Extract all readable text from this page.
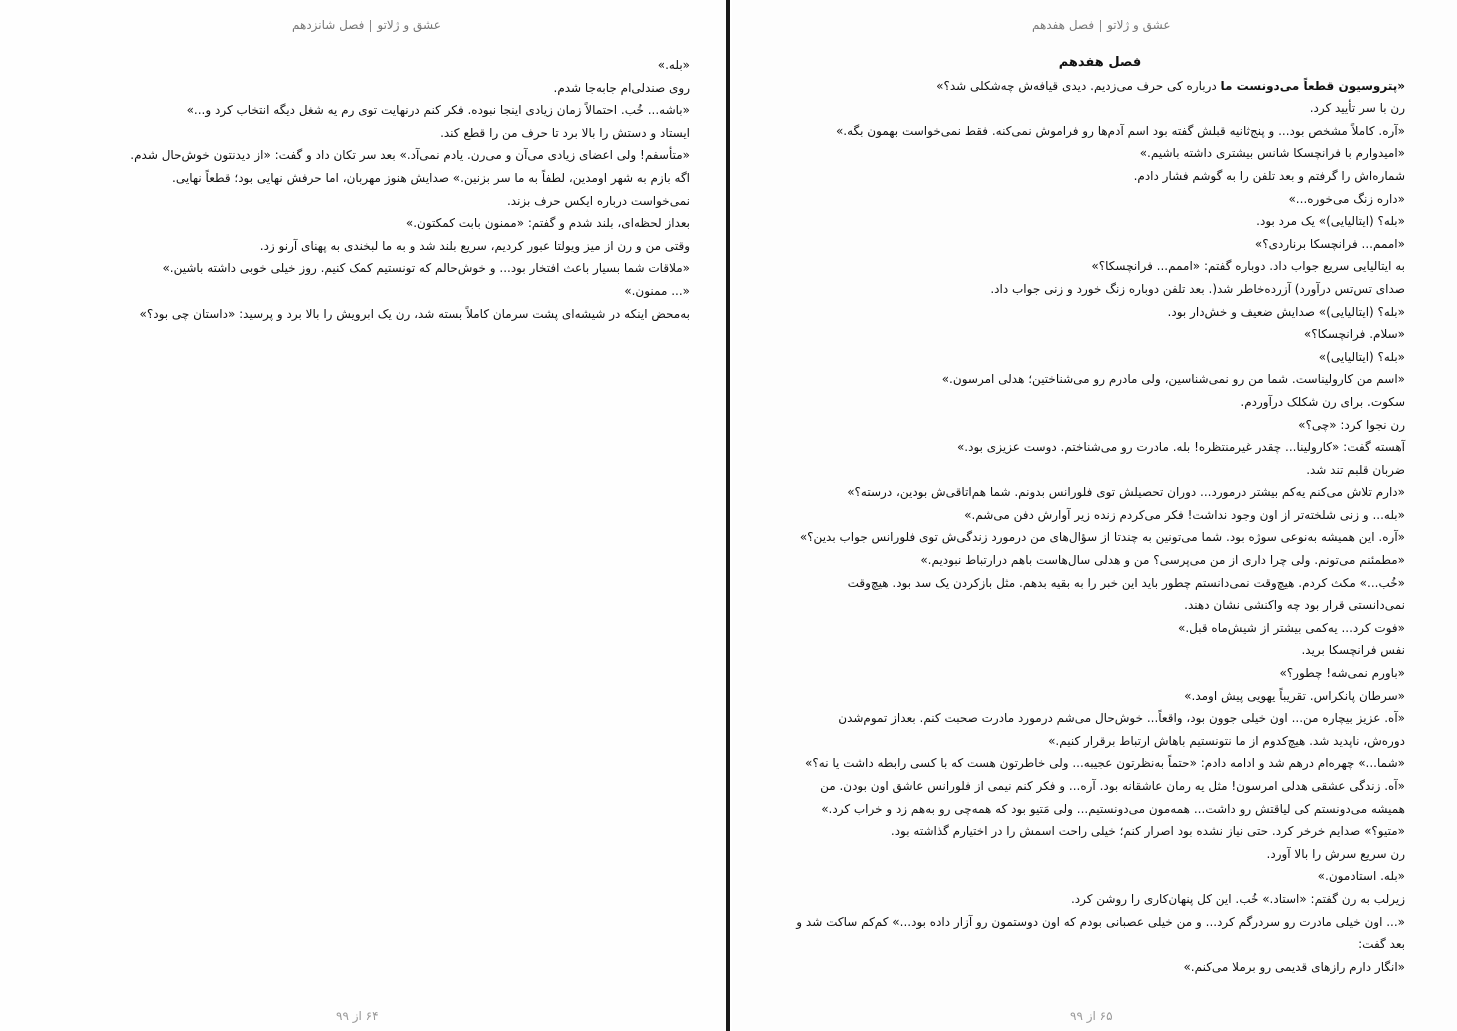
عشق و ژلاتوفصل شانزدهم

«بله.»

روی صندلی‌ام جابه‌جا شدم.

«باشه... خُب. احتمالاً زمان زیادی اینجا نبوده. فکر کنم درنهایت توی رم یه شغل دیگه انتخاب کرد و...»

ایستاد و دستش را بالا برد تا حرف من را قطع کند.

«متأسفم! ولی اعضای زیادی می‌آن و می‌رن. یادم نمی‌آد.» بعد سر تکان داد و گفت: «از دیدنتون خوش‌حال شدم. اگه بازم به شهر اومدین، لطفاً به ما سر بزنین.» صدایش هنوز مهربان، اما حرفش نهایی بود؛ قطعاً نهایی.

نمی‌خواست درباره ایکس حرف بزند.

بعداز لحظه‌ای، بلند شدم و گفتم: «ممنون بابت کمکتون.»

وقتی من و رن از میز ویولتا عبور کردیم، سریع بلند شد و به ما لبخندی به پهنای آرنو زد.

«ملاقات شما بسیار باعث افتخار بود... و خوش‌حالم که تونستیم کمک کنیم. روز خیلی خوبی داشته باشین.»

«... ممنون.»

به‌محض اینکه در شیشه‌ای پشت سرمان کاملاً بسته شد، رن یک ابرویش را بالا برد و پرسید: «داستان چی بود؟»

۶۴ از ۹۹
عشق و ژلاتوفصل هفدهم

فصل هفدهم

«پتروسیون قطعاً می‌دونست ما درباره کی حرف می‌زدیم. دیدی قیافه‌ش چه‌شکلی شد؟»

رن با سر تأیید کرد.

«آره. کاملاً مشخص بود... و پنج‌ثانیه قبلش گفته بود اسم آدم‌ها رو فراموش نمی‌کنه. فقط نمی‌خواست بهمون بگه.»

«امیدوارم با فرانچسکا شانس بیشتری داشته باشیم.»

شماره‌اش را گرفتم و بعد تلفن را به گوشم فشار دادم.

«داره زنگ می‌خوره...»

«بله؟ (ایتالیایی)» یک مرد بود.

«اممم... فرانچسکا برناردی؟»

به ایتالیایی سریع جواب داد. دوباره گفتم: «اممم... فرانچسکا؟»

صدای تس‌تس درآورد) آزرده‌خاطر شد(. بعد تلفن دوباره زنگ خورد و زنی جواب داد.

«بله؟ (ایتالیایی)» صدایش ضعیف و خش‌دار بود.

«سلام. فرانچسکا؟»

«بله؟ (ایتالیایی)»

«اسم من کارولیناست. شما من رو نمی‌شناسین، ولی مادرم رو می‌شناختین؛ هدلی امرسون.»

سکوت. برای رن شکلک درآوردم.

رن نجوا کرد: «چی؟»

آهسته گفت: «کارولینا... چقدر غیرمنتظره! بله. مادرت رو می‌شناختم. دوست عزیزی بود.»

ضربان قلبم تند شد.

«دارم تلاش می‌کنم یه‌کم بیشتر درمورد... دوران تحصیلش توی فلورانس بدونم. شما هم‌اتاقی‌ش بودین، درسته؟»

«بله... و زنی شلخته‌تر از اون وجود نداشت! فکر می‌کردم زنده زیر آوارش دفن می‌شم.»

«آره. این همیشه به‌نوعی سوژه بود. شما می‌تونین به چندتا از سؤال‌های من درمورد زندگی‌ش توی فلورانس جواب بدین؟»

«مطمئنم می‌تونم. ولی چرا داری از من می‌پرسی؟ من و هدلی سال‌هاست باهم درارتباط نبودیم.»

«خُب...» مکث کردم. هیچ‌وقت نمی‌دانستم چطور باید این خبر را به بقیه بدهم. مثل بازکردن یک سد بود. هیچ‌وقت نمی‌دانستی قرار بود چه واکنشی نشان دهند.

«فوت کرد... یه‌کمی بیشتر از شیش‌ماه قبل.»

نفس فرانچسکا برید.

«باورم نمی‌شه! چطور؟»

«سرطان پانکراس. تقریباً یهویی پیش اومد.»

«آه. عزیز بیچاره من... اون خیلی جوون بود، واقعاً... خوش‌حال می‌شم درمورد مادرت صحبت کنم. بعداز تموم‌شدن دوره‌ش، ناپدید شد. هیچ‌کدوم از ما نتونستیم باهاش ارتباط برقرار کنیم.»

«شما...» چهره‌ام درهم شد و ادامه دادم: «حتماً به‌نظرتون عجیبه... ولی خاطرتون هست که با کسی رابطه داشت یا نه؟»

«آه. زندگی عشقی هدلی امرسون! مثل یه رمان عاشقانه بود. آره... و فکر کنم نیمی از فلورانس عاشق اون بودن. من همیشه می‌دونستم کی لیاقتش رو داشت... همه‌مون می‌دونستیم... ولی مَتیو بود که همه‌چی رو به‌هم زد و خراب کرد.»

«متیو؟» صدایم خرخر کرد. حتی نیاز نشده بود اصرار کنم؛ خیلی راحت اسمش را در اختیارم گذاشته بود.

رن سریع سرش را بالا آورد.

«بله. استادمون.»

زیرلب به رن گفتم: «استاد.» خُب. این کل پنهان‌کاری را روشن کرد.

«... اون خیلی مادرت رو سردرگم کرد... و من خیلی عصبانی بودم که اون دوستمون رو آزار داده بود...» کم‌کم ساکت شد و بعد گفت:

«انگار دارم رازهای قدیمی رو برملا می‌کنم.»

۶۵ از ۹۹
